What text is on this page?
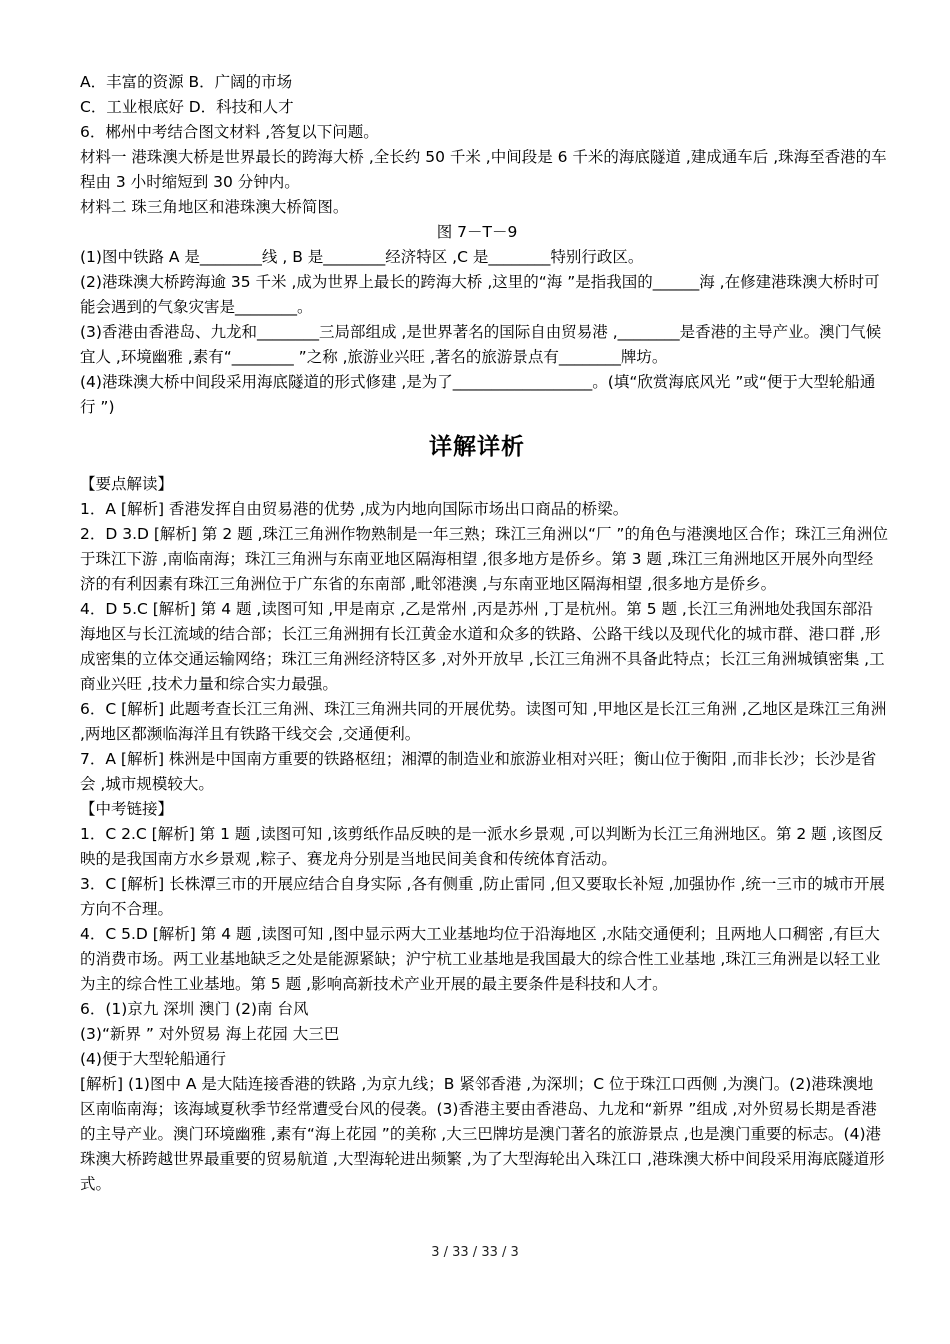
A．丰富的资源 B．广阔的市场

C．工业根底好 D．科技和人才

6．郴州中考结合图文材料 ,答复以下问题。

材料一 港珠澳大桥是世界最长的跨海大桥 ,全长约 50 千米 ,中间段是 6 千米的海底隧道 ,建成通车后 ,珠海至香港的车程由 3 小时缩短到 30 分钟内。

材料二 珠三角地区和港珠澳大桥简图。

图 7－T－9

(1)图中铁路 A 是________线 , B 是________经济特区 ,C 是________特别行政区。

(2)港珠澳大桥跨海逾 35 千米 ,成为世界上最长的跨海大桥 ,这里的“海 ”是指我国的______海 ,在修建港珠澳大桥时可能会遇到的气象灾害是________。

(3)香港由香港岛、九龙和________三局部组成 ,是世界著名的国际自由贸易港 ,________是香港的主导产业。澳门气候宜人 ,环境幽雅 ,素有“________ ”之称 ,旅游业兴旺 ,著名的旅游景点有________牌坊。

(4)港珠澳大桥中间段采用海底隧道的形式修建 ,是为了__________________。(填“欣赏海底风光 ”或“便于大型轮船通行 ”)

详解详析

【要点解读】

1．A [解析] 香港发挥自由贸易港的优势 ,成为内地向国际市场出口商品的桥梁。

2．D 3.D [解析] 第 2 题 ,珠江三角洲作物熟制是一年三熟；珠江三角洲以“厂 ”的角色与港澳地区合作；珠江三角洲位于珠江下游 ,南临南海；珠江三角洲与东南亚地区隔海相望 ,很多地方是侨乡。第 3 题 ,珠江三角洲地区开展外向型经济的有利因素有珠江三角洲位于广东省的东南部 ,毗邻港澳 ,与东南亚地区隔海相望 ,很多地方是侨乡。

4．D 5.C [解析] 第 4 题 ,读图可知 ,甲是南京 ,乙是常州 ,丙是苏州 ,丁是杭州。第 5 题 ,长江三角洲地处我国东部沿海地区与长江流域的结合部；长江三角洲拥有长江黄金水道和众多的铁路、公路干线以及现代化的城市群、港口群 ,形成密集的立体交通运输网络；珠江三角洲经济特区多 ,对外开放早 ,长江三角洲不具备此特点；长江三角洲城镇密集 ,工商业兴旺 ,技术力量和综合实力最强。

6．C [解析] 此题考查长江三角洲、珠江三角洲共同的开展优势。读图可知 ,甲地区是长江三角洲 ,乙地区是珠江三角洲 ,两地区都濒临海洋且有铁路干线交会 ,交通便利。

7．A [解析] 株洲是中国南方重要的铁路枢纽；湘潭的制造业和旅游业相对兴旺；衡山位于衡阳 ,而非长沙；长沙是省会 ,城市规模较大。

【中考链接】

1．C 2.C [解析] 第 1 题 ,读图可知 ,该剪纸作品反映的是一派水乡景观 ,可以判断为长江三角洲地区。第 2 题 ,该图反映的是我国南方水乡景观 ,粽子、赛龙舟分别是当地民间美食和传统体育活动。

3．C [解析] 长株潭三市的开展应结合自身实际 ,各有侧重 ,防止雷同 ,但又要取长补短 ,加强协作 ,统一三市的城市开展方向不合理。

4．C 5.D [解析] 第 4 题 ,读图可知 ,图中显示两大工业基地均位于沿海地区 ,水陆交通便利；且两地人口稠密 ,有巨大的消费市场。两工业基地缺乏之处是能源紧缺；沪宁杭工业基地是我国最大的综合性工业基地 ,珠江三角洲是以轻工业为主的综合性工业基地。第 5 题 ,影响高新技术产业开展的最主要条件是科技和人才。

6．(1)京九 深圳 澳门 (2)南 台风

(3)“新界 ” 对外贸易 海上花园 大三巴

(4)便于大型轮船通行

[解析] (1)图中 A 是大陆连接香港的铁路 ,为京九线；B 紧邻香港 ,为深圳；C 位于珠江口西侧 ,为澳门。(2)港珠澳地区南临南海；该海域夏秋季节经常遭受台风的侵袭。(3)香港主要由香港岛、九龙和“新界 ”组成 ,对外贸易长期是香港的主导产业。澳门环境幽雅 ,素有“海上花园 ”的美称 ,大三巴牌坊是澳门著名的旅游景点 ,也是澳门重要的标志。(4)港珠澳大桥跨越世界最重要的贸易航道 ,大型海轮进出频繁 ,为了大型海轮出入珠江口 ,港珠澳大桥中间段采用海底隧道形式。

3 / 33 / 33 / 3
